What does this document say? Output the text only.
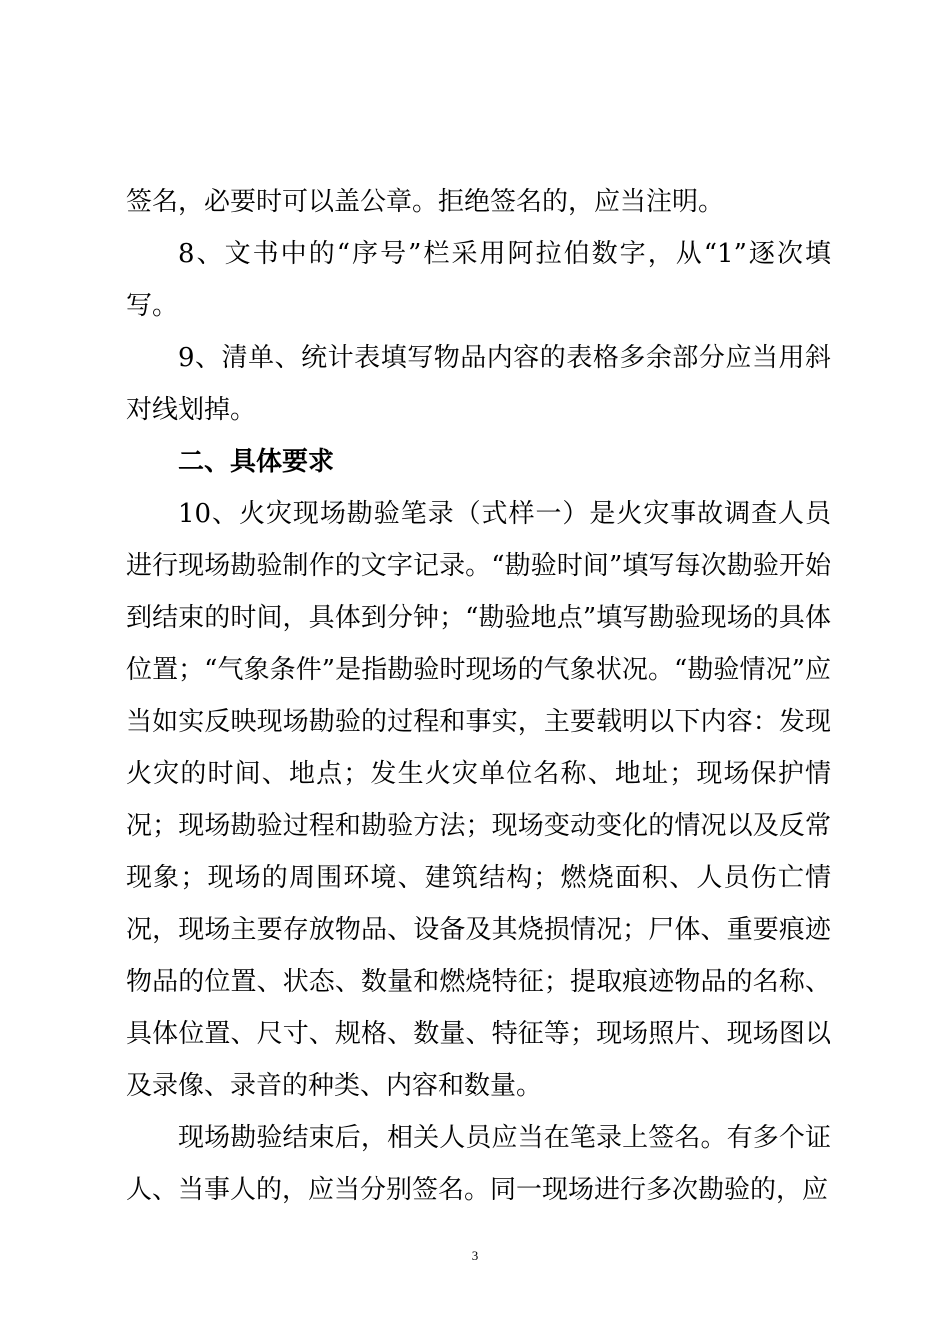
签名，必要时可以盖公章。拒绝签名的，应当注明。

8、文书中的“序号”栏采用阿拉伯数字，从“1”逐次填写。

9、清单、统计表填写物品内容的表格多余部分应当用斜对线划掉。

二、具体要求

10、火灾现场勘验笔录（式样一）是火灾事故调查人员进行现场勘验制作的文字记录。“勘验时间”填写每次勘验开始到结束的时间，具体到分钟；“勘验地点”填写勘验现场的具体位置；“气象条件”是指勘验时现场的气象状况。“勘验情况”应当如实反映现场勘验的过程和事实，主要载明以下内容：发现火灾的时间、地点；发生火灾单位名称、地址；现场保护情况；现场勘验过程和勘验方法；现场变动变化的情况以及反常现象；现场的周围环境、建筑结构；燃烧面积、人员伤亡情况，现场主要存放物品、设备及其烧损情况；尸体、重要痕迹物品的位置、状态、数量和燃烧特征；提取痕迹物品的名称、具体位置、尺寸、规格、数量、特征等；现场照片、现场图以及录像、录音的种类、内容和数量。

现场勘验结束后，相关人员应当在笔录上签名。有多个证人、当事人的，应当分别签名。同一现场进行多次勘验的，应

3
